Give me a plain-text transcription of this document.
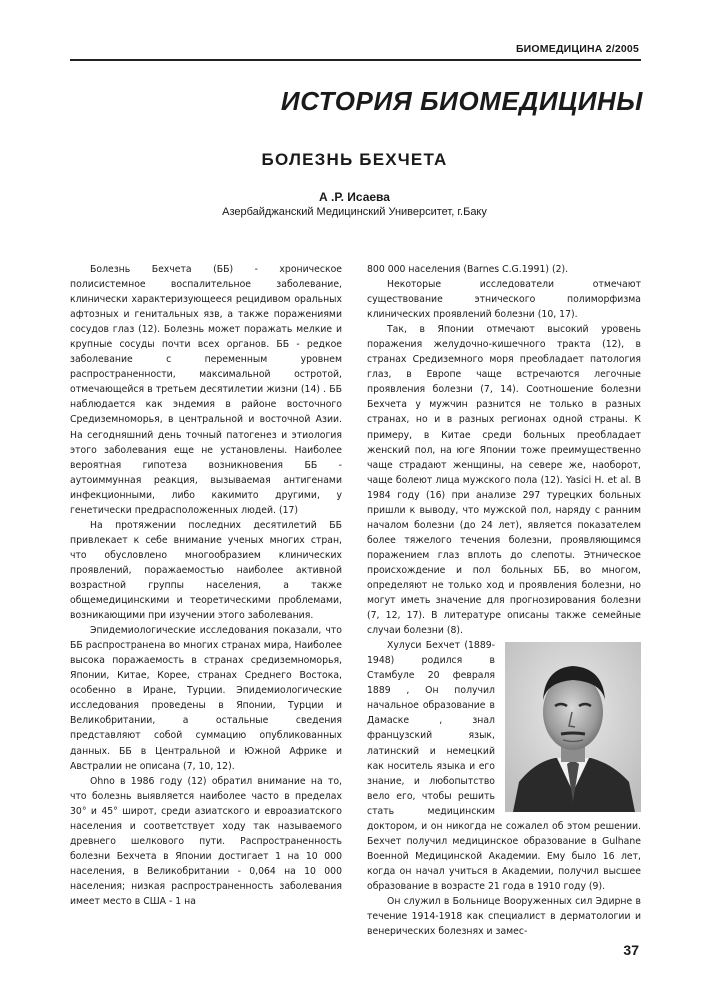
БИОМЕДИЦИНА 2/2005
ИСТОРИЯ БИОМЕДИЦИНЫ
БОЛЕЗНЬ БЕХЧЕТА
А .Р. Исаева
Азербайджанский Медицинский Университет, г.Баку

Болезнь Бехчета (ББ) - хроническое полисистемное воспалительное заболевание, клинически характеризующееся рецидивом оральных афтозных и генитальных язв, а также поражениями сосудов глаз (12). Болезнь может поражать мелкие и крупные сосуды почти всех органов. ББ - редкое заболевание с переменным уровнем распространенности, максимальной остротой, отмечающейся в третьем десятилетии жизни (14) . ББ наблюдается как эндемия в районе восточного Средиземноморья, в центральной и восточной Азии. На сегодняшний день точный патогенез и этиология этого заболевания еще не установлены. Наиболее вероятная гипотеза возникновения ББ - аутоиммунная реакция, вызываемая антигенами инфекционными, либо какимито другими, у генетически предрасположенных людей. (17)

На протяжении последних десятилетий ББ привлекает к себе внимание ученых многих стран, что обусловлено многообразием клинических проявлений, поражаемостью наиболее активной возрастной группы населения, а также общемедицинскими и теоретическими проблемами, возникающими при изучении этого заболевания.

Эпидемиологические исследования показали, что ББ распространена во многих странах мира, Наиболее высока поражаемость в странах средиземноморья, Японии, Китае, Корее, странах Среднего Востока, особенно в Иране, Турции. Эпидемиологические исследования проведены в Японии, Турции и Великобритании, а остальные сведения представляют собой суммацию опубликованных данных. ББ в Центральной и Южной Африке и Австралии не описана (7, 10, 12).

Ohno в 1986 году (12) обратил внимание на то, что болезнь выявляется наиболее часто в пределах 30° и 45° широт, среди азиатского и евроазиатского населения и соответствует ходу так называемого древнего шелкового пути. Распространенность болезни Бехчета в Японии достигает 1 на 10 000 населения, в Великобритании - 0,064 на 10 000 населения; низкая распространенность заболевания имеет место в США - 1 на

800 000 населения (Barnes C.G.1991) (2).

Некоторые исследователи отмечают существование этнического полиморфизма клинических проявлений болезни (10, 17).

Так, в Японии отмечают высокий уровень поражения желудочно-кишечного тракта (12), в странах Средиземного моря преобладает патология глаз, в Европе чаще встречаются легочные проявления болезни (7, 14). Соотношение болезни Бехчета у мужчин разнится не только в разных странах, но и в разных регионах одной страны. К примеру, в Китае среди больных преобладает женский пол, на юге Японии тоже преимущественно чаще страдают женщины, на севере же, наоборот, чаще болеют лица мужского пола (12). Yasici H. et al. В 1984 году (16) при анализе 297 турецких больных пришли к выводу, что мужской пол, наряду с ранним началом болезни (до 24 лет), является показателем более тяжелого течения болезни, проявляющимся поражением глаз вплоть до слепоты. Этническое происхождение и пол больных ББ, во многом, определяют не только ход и проявления болезни, но могут иметь значение для прогнозирования болезни (7, 12, 17). В литературе описаны также семейные случаи болезни (8).

Хулуси Бехчет (1889-1948) родился в Стамбуле 20 февраля 1889 , Он получил начальное образование в Дамаске , знал французский язык, латинский и немецкий как носитель языка и его знание, и любопытство вело его, чтобы решить стать медицинским доктором, и он никогда не сожалел об этом решении. Бехчет получил медицинское образование в Gulhane Военной Медицинской Академии. Ему было 16 лет, когда он начал учиться в Академии, получил высшее образование в возрасте 21 года в 1910 году (9).

Он служил в Больнице Вооруженных сил Эдирне в течение 1914-1918 как специалист в дерматологии и венерических болезнях и замес-

37
